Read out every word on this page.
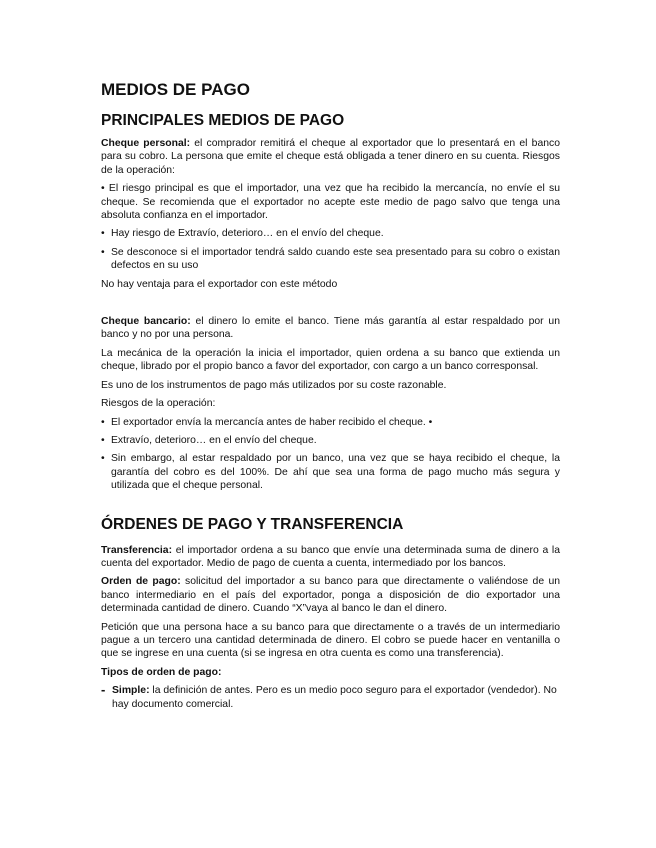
MEDIOS DE PAGO
PRINCIPALES MEDIOS DE PAGO

Cheque personal: el comprador remitirá el cheque al exportador que lo presentará en el banco para su cobro. La persona que emite el cheque está obligada a tener dinero en su cuenta. Riesgos de la operación:

• El riesgo principal es que el importador, una vez que ha recibido la mercancía, no envíe el su cheque. Se recomienda que el exportador no acepte este medio de pago salvo que tenga una absoluta confianza en el importador.

• Hay riesgo de Extravío, deterioro… en el envío del cheque.
• Se desconoce si el importador tendrá saldo cuando este sea presentado para su cobro o existan defectos en su uso

No hay ventaja para el exportador con este método

Cheque bancario: el dinero lo emite el banco. Tiene más garantía al estar respaldado por un banco y no por una persona.

La mecánica de la operación la inicia el importador, quien ordena a su banco que extienda un cheque, librado por el propio banco a favor del exportador, con cargo a un banco corresponsal.

Es uno de los instrumentos de pago más utilizados por su coste razonable.

Riesgos de la operación:

• El exportador envía la mercancía antes de haber recibido el cheque. •
• Extravío, deterioro… en el envío del cheque.
• Sin embargo, al estar respaldado por un banco, una vez que se haya recibido el cheque, la garantía del cobro es del 100%. De ahí que sea una forma de pago mucho más segura y utilizada que el cheque personal.
ÓRDENES DE PAGO Y TRANSFERENCIA

Transferencia: el importador ordena a su banco que envíe una determinada suma de dinero a la cuenta del exportador. Medio de pago de cuenta a cuenta, intermediado por los bancos.

Orden de pago: solicitud del importador a su banco para que directamente o valiéndose de un banco intermediario en el país del exportador, ponga a disposición de dio exportador una determinada cantidad de dinero. Cuando “X”vaya al banco le dan el dinero.

Petición que una persona hace a su banco para que directamente o a través de un intermediario pague a un tercero una cantidad determinada de dinero. El cobro se puede hacer en ventanilla o que se ingrese en una cuenta (si se ingresa en otra cuenta es como una transferencia).

Tipos de orden de pago:

- Simple: la definición de antes. Pero es un medio poco seguro para el exportador (vendedor). No hay documento comercial.
